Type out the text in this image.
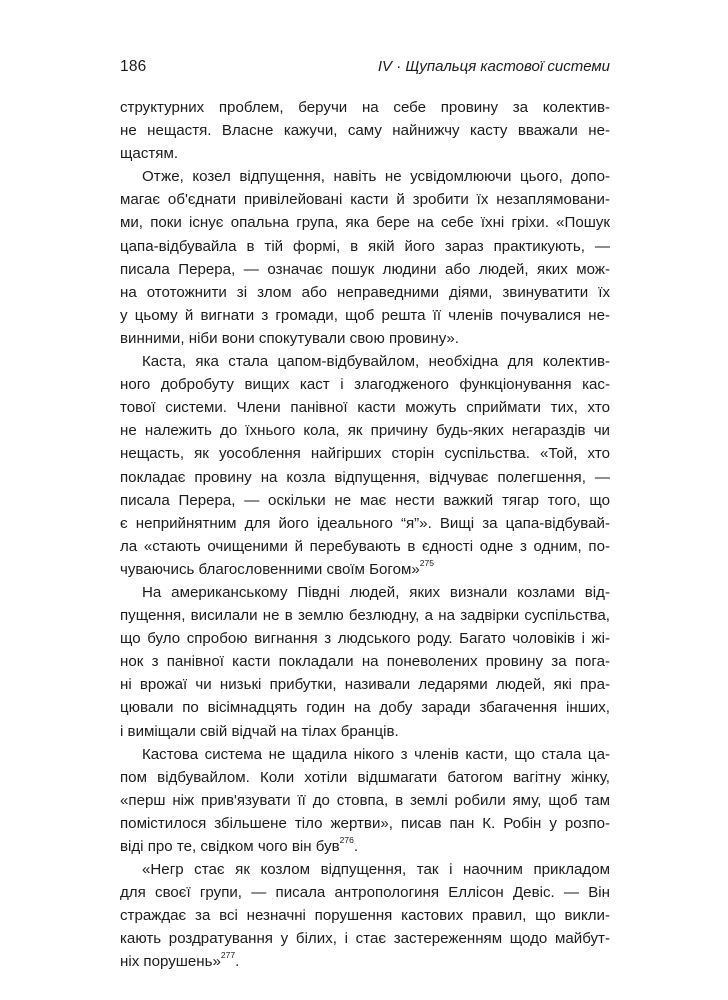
186	IV · Щупальця кастової системи
структурних проблем, беручи на себе провину за колектив-
не нещастя. Власне кажучи, саму найнижчу касту вважали не-
щастям.
Отже, козел відпущення, навіть не усвідомлюючи цього, допо-
магає об'єднати привілейовані касти й зробити їх незаплямовани-
ми, поки існує опальна група, яка бере на себе їхні гріхи. «Пошук
цапа-відбувайла в тій формі, в якій його зараз практикують, —
писала Перера, — означає пошук людини або людей, яких мож-
на ототожнити зі злом або неправедними діями, звинуватити їх
у цьому й вигнати з громади, щоб решта її членів почувалися не-
винними, ніби вони спокутували свою провину».
Каста, яка стала цапом-відбувайлом, необхідна для колектив-
ного добробуту вищих каст і злагодженого функціонування кас-
тової системи. Члени панівної касти можуть сприймати тих, хто
не належить до їхнього кола, як причину будь-яких негараздів чи
нещасть, як уособлення найгірших сторін суспільства. «Той, хто
покладає провину на козла відпущення, відчуває полегшення, —
писала Перера, — оскільки не має нести важкий тягар того, що
є неприйнятним для його ідеального “я”». Вищі за цапа-відбувай-
ла «стають очищеними й перебувають в єдності одне з одним, по-
чуваючись благословенними своїм Богом»$^{275}$
На американському Півдні людей, яких визнали козлами від-
пущення, висилали не в землю безлюдну, а на задвірки суспільства,
що було спробою вигнання з людського роду. Багато чоловіків і жі-
нок з панівної касти покладали на поневолених провину за пога-
ні врожаї чи низькі прибутки, називали ледарями людей, які пра-
цювали по вісімнадцять годин на добу заради збагачення інших,
і виміщали свій відчай на тілах бранців.
Кастова система не щадила нікого з членів касти, що стала ца-
пом відбувайлом. Коли хотіли відшмагати батогом вагітну жінку,
«перш ніж прив'язувати її до стовпа, в землі робили яму, щоб там
помістилося збільшене тіло жертви», писав пан К. Робін у розпо-
віді про те, свідком чого він був$^{276}$.
«Негр стає як козлом відпущення, так і наочним прикладом
для своєї групи, — писала антропологиня Еллісон Девіс. — Він
страждає за всі незначні порушення кастових правил, що викли-
кають роздратування у білих, і стає застереженням щодо майбут-
ніх порушень»$^{277}$.
